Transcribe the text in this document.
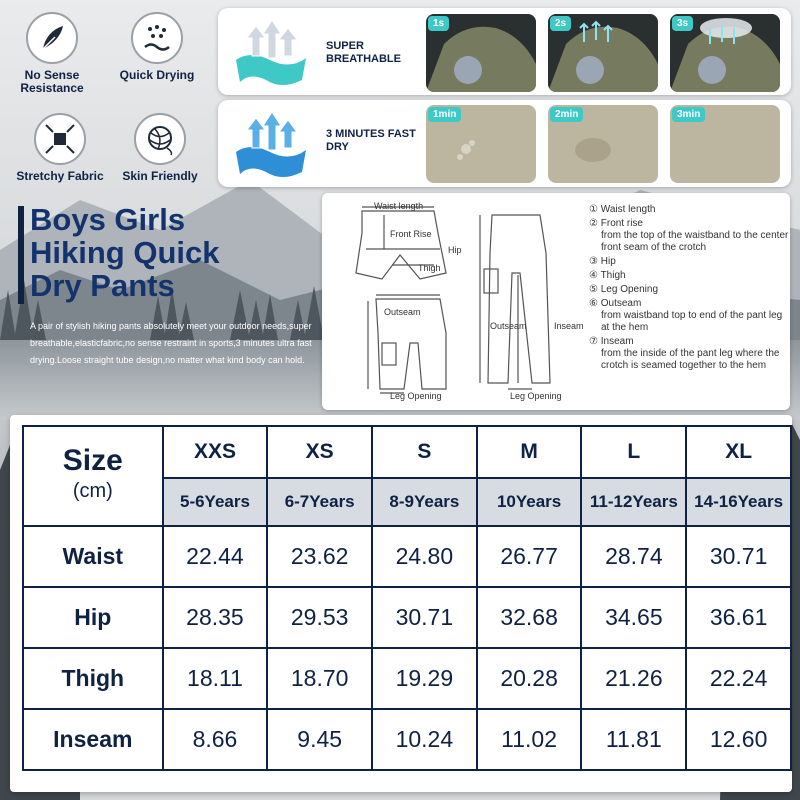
No Sense Resistance
Quick Drying
Stretchy Fabric	Skin Friendly
SUPER BREATHABLE
1s	2s	3s
3 MINUTES FAST DRY
1min	2min	3min
Boys Girls
Hiking Quick
Dry Pants
A pair of stylish hiking pants absolutely meet your outdoor needs,super breathable,elasticfabric,no sense restraint in sports,3 minutes ultra fast drying.Loose straight tube design,no matter what kind body can hold.
Waist length
Front Rise
Hip
Thigh
Outseam
Leg Opening
Outseam	Inseam
Leg Opening
① Waist length
② Front rise
from the top of the waistband to the center front seam of the crotch
③ Hip
④ Thigh
⑤ Leg Opening
⑥ Outseam
from waistband top to end of the pant leg at the hem
⑦ Inseam
from the inside of the pant leg where the crotch is seamed together to the hem
Size
(cm)	XXS	XS	S	M	L	XL
	5-6Years	6-7Years	8-9Years	10Years	11-12Years	14-16Years
Waist	22.44	23.62	24.80	26.77	28.74	30.71
Hip	28.35	29.53	30.71	32.68	34.65	36.61
Thigh	18.11	18.70	19.29	20.28	21.26	22.24
Inseam	8.66	9.45	10.24	11.02	11.81	12.60
